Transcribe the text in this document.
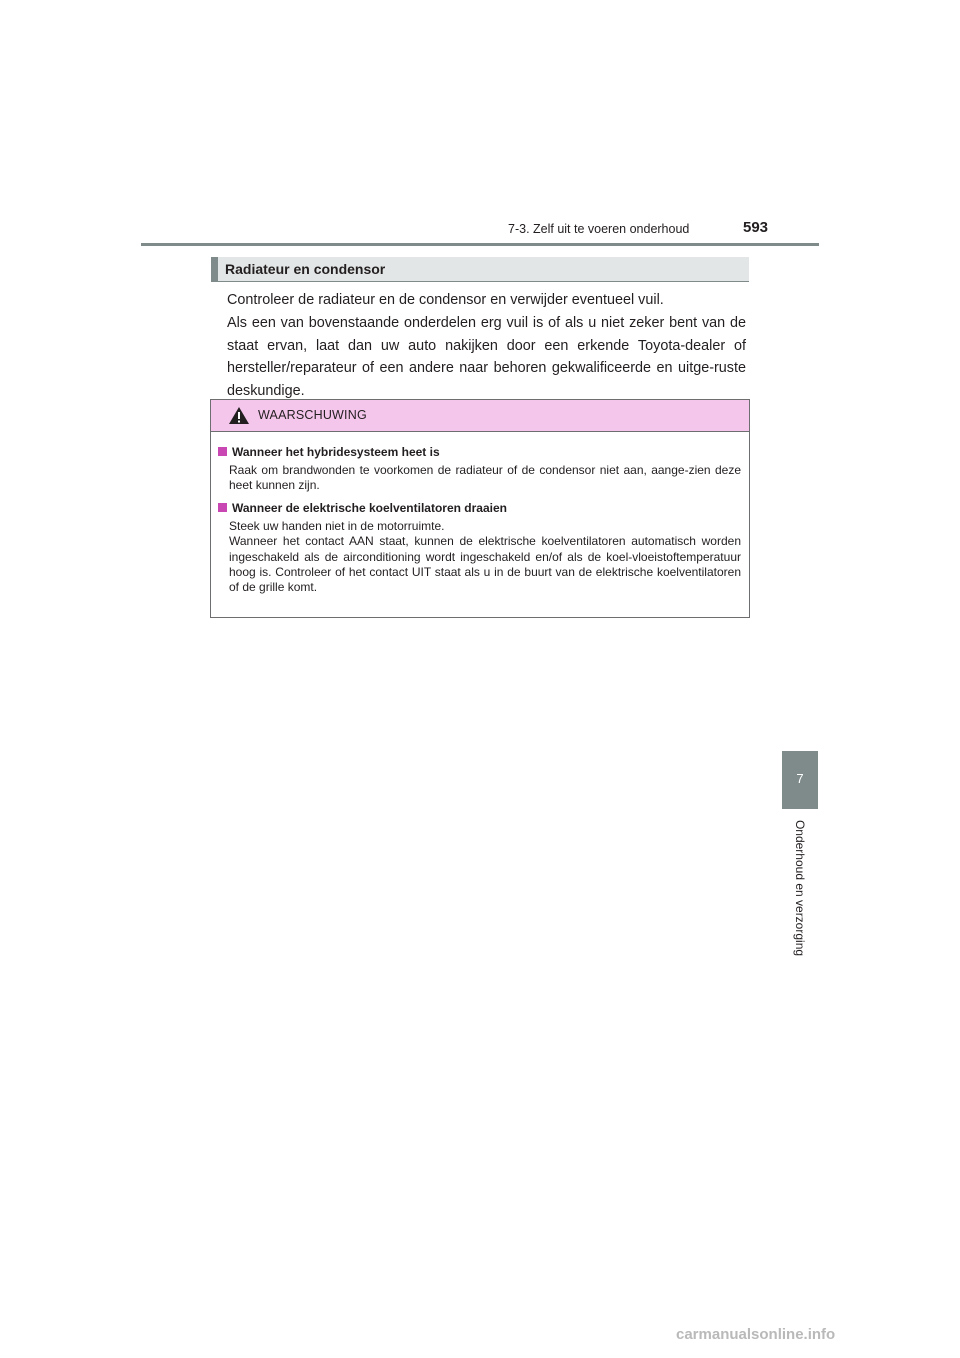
7-3. Zelf uit te voeren onderhoud	593
Radiateur en condensor

Controleer de radiateur en de condensor en verwijder eventueel vuil.

Als een van bovenstaande onderdelen erg vuil is of als u niet zeker bent van de staat ervan, laat dan uw auto nakijken door een erkende Toyota-dealer of hersteller/reparateur of een andere naar behoren gekwalificeerde en uitge-ruste deskundige.

WAARSCHUWING
Wanneer het hybridesysteem heet is
Raak om brandwonden te voorkomen de radiateur of de condensor niet aan, aange-zien deze heet kunnen zijn.
Wanneer de elektrische koelventilatoren draaien
Steek uw handen niet in de motorruimte.
Wanneer het contact AAN staat, kunnen de elektrische koelventilatoren automatisch worden ingeschakeld als de airconditioning wordt ingeschakeld en/of als de koel-vloeistoftemperatuur hoog is. Controleer of het contact UIT staat als u in de buurt van de elektrische koelventilatoren of de grille komt.
7
Onderhoud en verzorging
carmanualsonline.info
